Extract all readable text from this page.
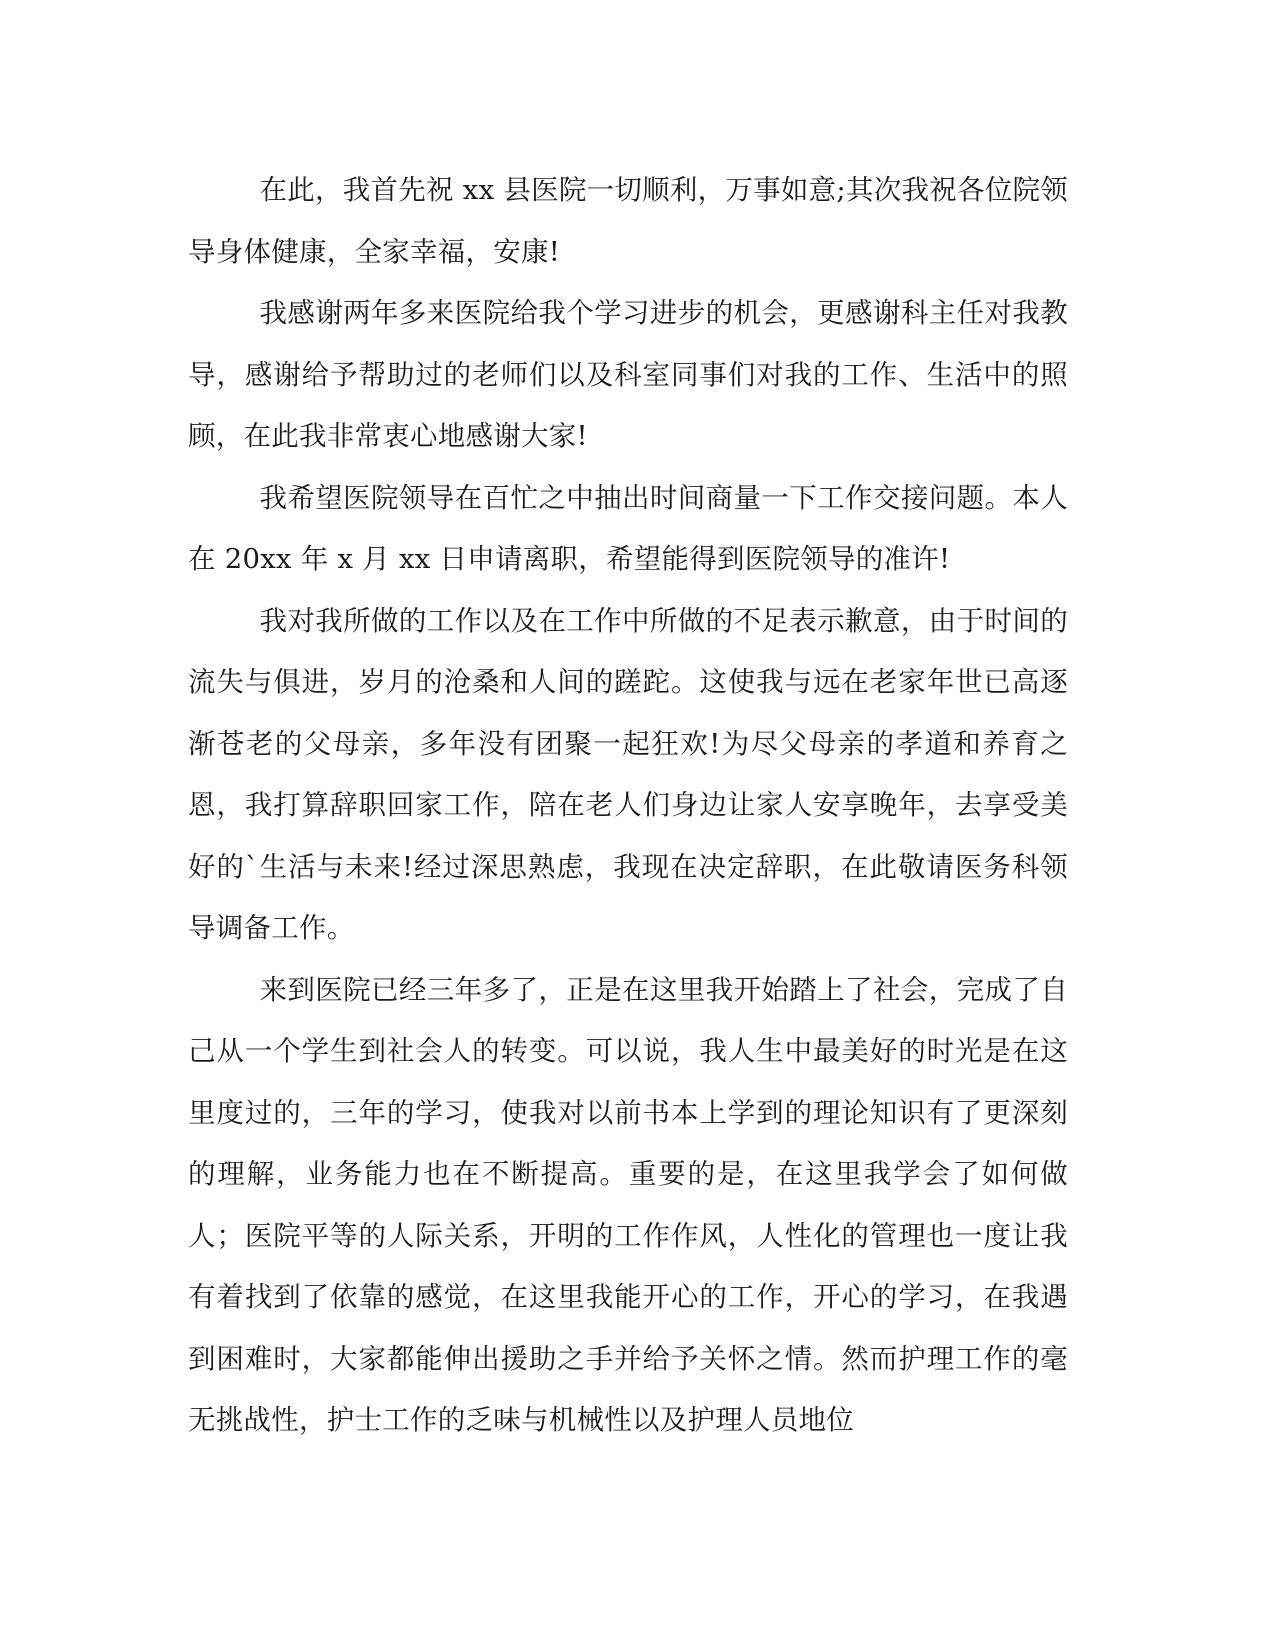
在此，我首先祝 xx 县医院一切顺利，万事如意;其次我祝各位院领导身体健康，全家幸福，安康!

我感谢两年多来医院给我个学习进步的机会，更感谢科主任对我教导，感谢给予帮助过的老师们以及科室同事们对我的工作、生活中的照顾，在此我非常衷心地感谢大家!

我希望医院领导在百忙之中抽出时间商量一下工作交接问题。本人在 20xx 年 x 月 xx 日申请离职，希望能得到医院领导的准许!

我对我所做的工作以及在工作中所做的不足表示歉意，由于时间的流失与俱进，岁月的沧桑和人间的蹉跎。这使我与远在老家年世已高逐渐苍老的父母亲，多年没有团聚一起狂欢!为尽父母亲的孝道和养育之恩，我打算辞职回家工作，陪在老人们身边让家人安享晚年，去享受美好的`生活与未来!经过深思熟虑，我现在决定辞职，在此敬请医务科领导调备工作。

来到医院已经三年多了，正是在这里我开始踏上了社会，完成了自己从一个学生到社会人的转变。可以说，我人生中最美好的时光是在这里度过的，三年的学习，使我对以前书本上学到的理论知识有了更深刻的理解，业务能力也在不断提高。重要的是，在这里我学会了如何做人；医院平等的人际关系，开明的工作作风，人性化的管理也一度让我有着找到了依靠的感觉，在这里我能开心的工作，开心的学习，在我遇到困难时，大家都能伸出援助之手并给予关怀之情。然而护理工作的毫无挑战性，护士工作的乏味与机械性以及护理人员地位
